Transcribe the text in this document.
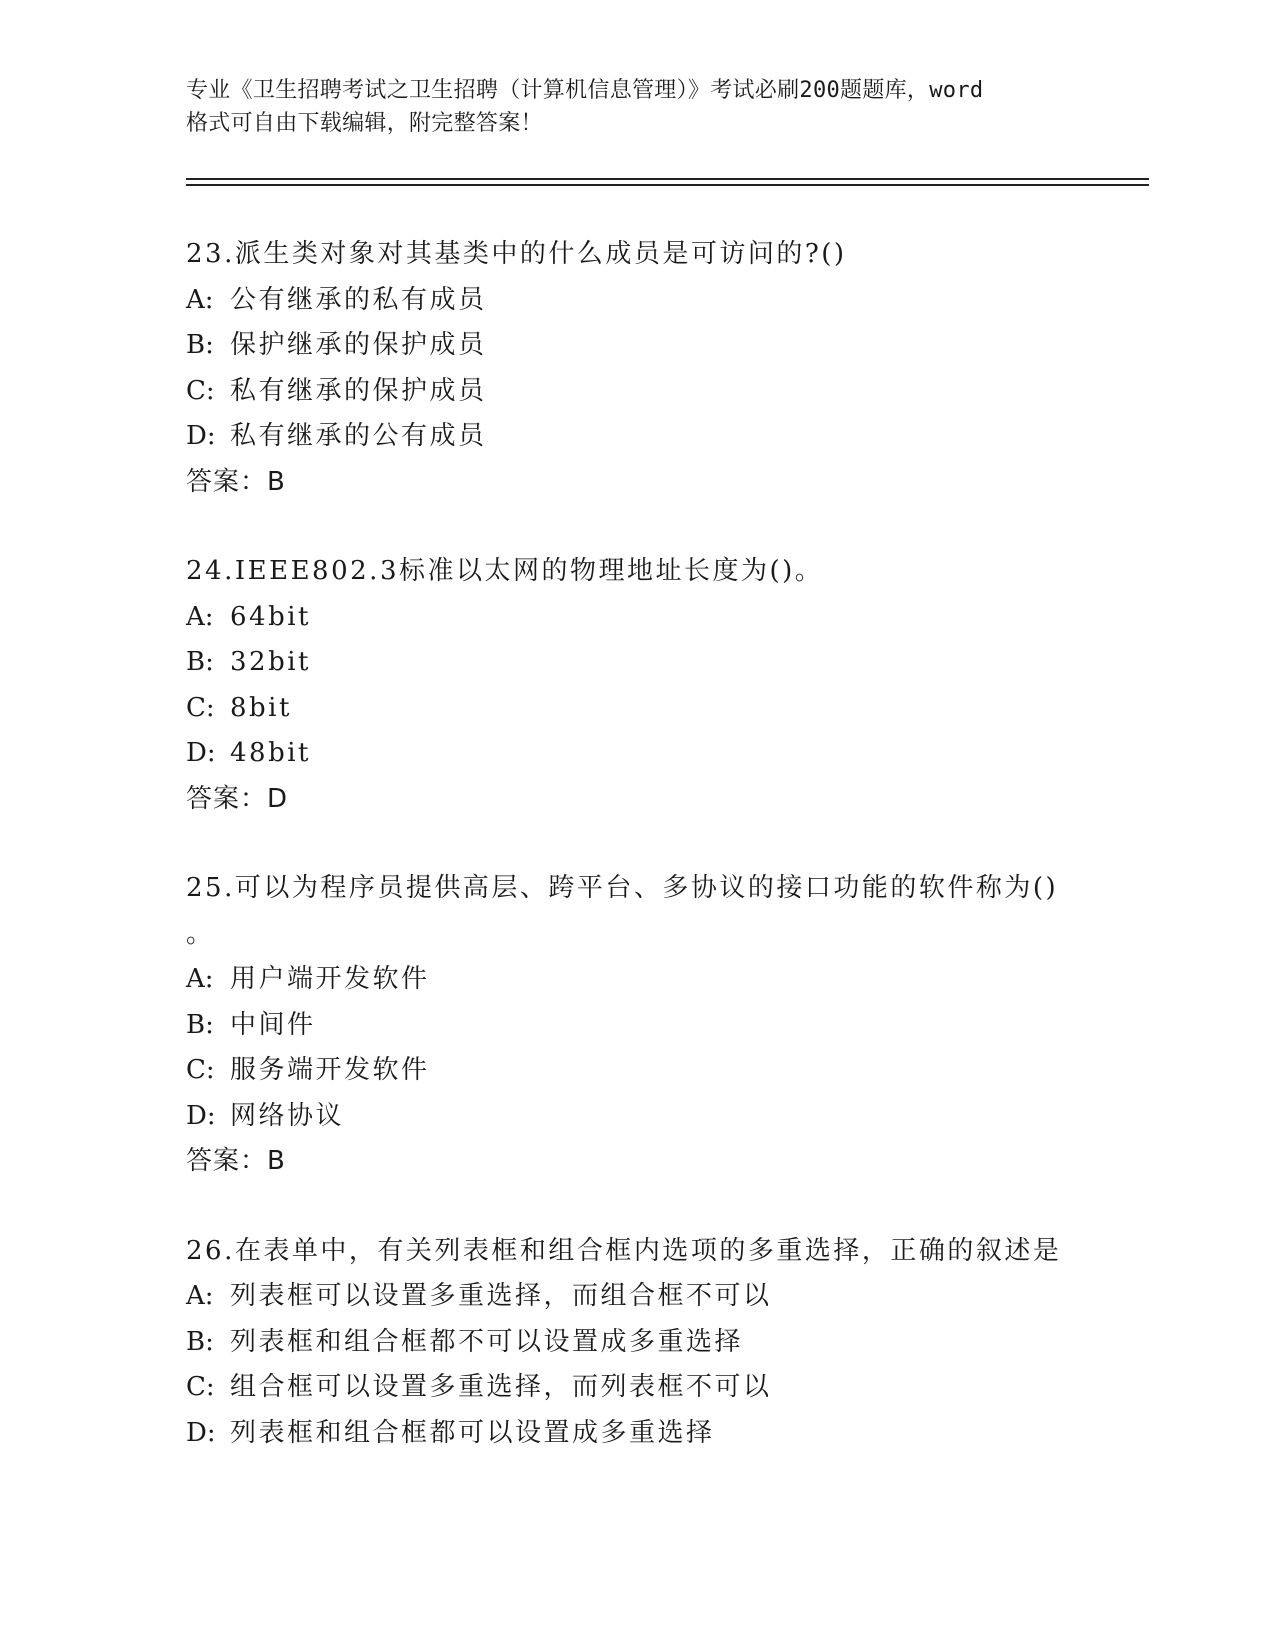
专业《卫生招聘考试之卫生招聘（计算机信息管理）》考试必刷200题题库，word
格式可自由下载编辑，附完整答案！
23.派生类对象对其基类中的什么成员是可访问的?()
A: 公有继承的私有成员
B: 保护继承的保护成员
C: 私有继承的保护成员
D: 私有继承的公有成员
答案：B
24.IEEE802.3标准以太网的物理地址长度为()。
A: 64bit
B: 32bit
C: 8bit
D: 48bit
答案：D
25.可以为程序员提供高层、跨平台、多协议的接口功能的软件称为()
。
A: 用户端开发软件
B: 中间件
C: 服务端开发软件
D: 网络协议
答案：B
26.在表单中，有关列表框和组合框内选项的多重选择，正确的叙述是
A: 列表框可以设置多重选择，而组合框不可以
B: 列表框和组合框都不可以设置成多重选择
C: 组合框可以设置多重选择，而列表框不可以
D: 列表框和组合框都可以设置成多重选择
